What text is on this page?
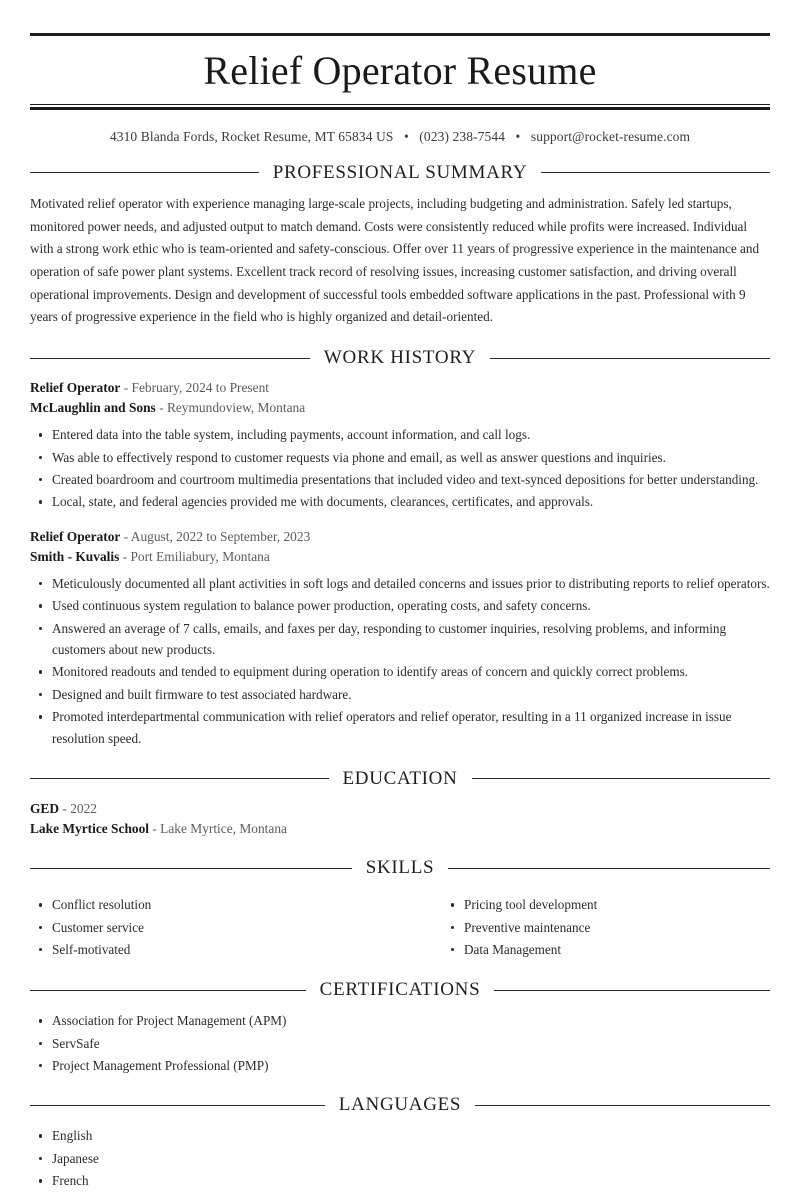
Relief Operator Resume
4310 Blanda Fords, Rocket Resume, MT 65834 US • (023) 238-7544 • support@rocket-resume.com
PROFESSIONAL SUMMARY
Motivated relief operator with experience managing large-scale projects, including budgeting and administration. Safely led startups, monitored power needs, and adjusted output to match demand. Costs were consistently reduced while profits were increased. Individual with a strong work ethic who is team-oriented and safety-conscious. Offer over 11 years of progressive experience in the maintenance and operation of safe power plant systems. Excellent track record of resolving issues, increasing customer satisfaction, and driving overall operational improvements. Design and development of successful tools embedded software applications in the past. Professional with 9 years of progressive experience in the field who is highly organized and detail-oriented.
WORK HISTORY
Relief Operator - February, 2024 to Present
McLaughlin and Sons - Reymundoview, Montana
Entered data into the table system, including payments, account information, and call logs.
Was able to effectively respond to customer requests via phone and email, as well as answer questions and inquiries.
Created boardroom and courtroom multimedia presentations that included video and text-synced depositions for better understanding.
Local, state, and federal agencies provided me with documents, clearances, certificates, and approvals.
Relief Operator - August, 2022 to September, 2023
Smith - Kuvalis - Port Emiliabury, Montana
Meticulously documented all plant activities in soft logs and detailed concerns and issues prior to distributing reports to relief operators.
Used continuous system regulation to balance power production, operating costs, and safety concerns.
Answered an average of 7 calls, emails, and faxes per day, responding to customer inquiries, resolving problems, and informing customers about new products.
Monitored readouts and tended to equipment during operation to identify areas of concern and quickly correct problems.
Designed and built firmware to test associated hardware.
Promoted interdepartmental communication with relief operators and relief operator, resulting in a 11 organized increase in issue resolution speed.
EDUCATION
GED - 2022
Lake Myrtice School - Lake Myrtice, Montana
SKILLS
Conflict resolution
Customer service
Self-motivated
Pricing tool development
Preventive maintenance
Data Management
CERTIFICATIONS
Association for Project Management (APM)
ServSafe
Project Management Professional (PMP)
LANGUAGES
English
Japanese
French
